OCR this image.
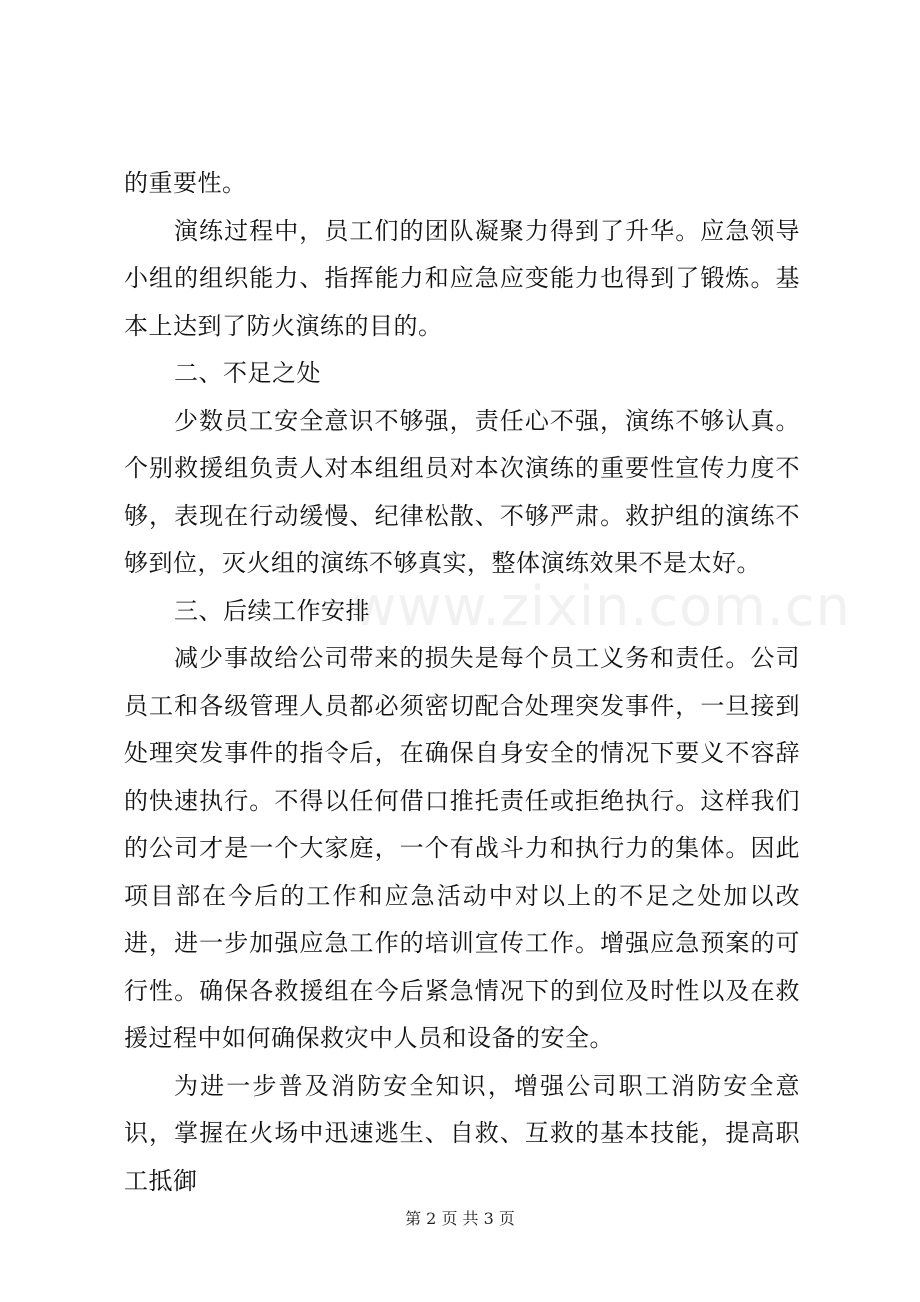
www.zixin.com.cn

的重要性。

演练过程中，员工们的团队凝聚力得到了升华。应急领导小组的组织能力、指挥能力和应急应变能力也得到了锻炼。基本上达到了防火演练的目的。

二、不足之处

少数员工安全意识不够强，责任心不强，演练不够认真。个别救援组负责人对本组组员对本次演练的重要性宣传力度不够，表现在行动缓慢、纪律松散、不够严肃。救护组的演练不够到位，灭火组的演练不够真实，整体演练效果不是太好。

三、后续工作安排

减少事故给公司带来的损失是每个员工义务和责任。公司员工和各级管理人员都必须密切配合处理突发事件，一旦接到处理突发事件的指令后，在确保自身安全的情况下要义不容辞的快速执行。不得以任何借口推托责任或拒绝执行。这样我们的公司才是一个大家庭，一个有战斗力和执行力的集体。因此项目部在今后的工作和应急活动中对以上的不足之处加以改进，进一步加强应急工作的培训宣传工作。增强应急预案的可行性。确保各救援组在今后紧急情况下的到位及时性以及在救援过程中如何确保救灾中人员和设备的安全。

为进一步普及消防安全知识，增强公司职工消防安全意识，掌握在火场中迅速逃生、自救、互救的基本技能，提高职工抵御

第 2 页 共 3 页
